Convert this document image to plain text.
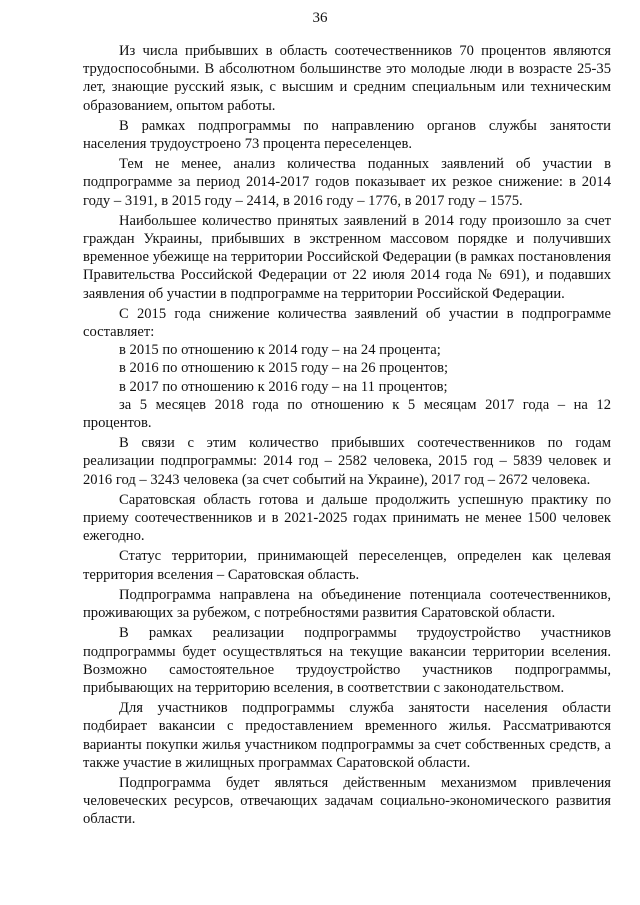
36

Из числа прибывших в область соотечественников 70 процентов являются трудоспособными. В абсолютном большинстве это молодые люди в возрасте 25-35 лет, знающие русский язык, с высшим и средним специальным или техническим образованием, опытом работы.

В рамках подпрограммы по направлению органов службы занятости населения трудоустроено 73 процента переселенцев.

Тем не менее, анализ количества поданных заявлений об участии в подпрограмме за период 2014-2017 годов показывает их резкое снижение: в 2014 году – 3191, в 2015 году – 2414, в 2016 году – 1776, в 2017 году – 1575.

Наибольшее количество принятых заявлений в 2014 году произошло за счет граждан Украины, прибывших в экстренном массовом порядке и получивших временное убежище на территории Российской Федерации (в рамках постановления Правительства Российской Федерации от 22 июля 2014 года № 691), и подавших заявления об участии в подпрограмме на территории Российской Федерации.

С 2015 года снижение количества заявлений об участии в подпрограмме составляет:

в 2015 по отношению к 2014 году – на 24 процента;

в 2016 по отношению к 2015 году – на 26 процентов;

в 2017 по отношению к 2016 году – на 11 процентов;

за 5 месяцев 2018 года по отношению к 5 месяцам 2017 года – на 12 процентов.

В связи с этим количество прибывших соотечественников по годам реализации подпрограммы: 2014 год – 2582 человека, 2015 год – 5839 человек и 2016 год – 3243 человека (за счет событий на Украине), 2017 год – 2672 человека.

Саратовская область готова и дальше продолжить успешную практику по приему соотечественников и в 2021-2025 годах принимать не менее 1500 человек ежегодно.

Статус территории, принимающей переселенцев, определен как целевая территория вселения – Саратовская область.

Подпрограмма направлена на объединение потенциала соотечественников, проживающих за рубежом, с потребностями развития Саратовской области.

В рамках реализации подпрограммы трудоустройство участников подпрограммы будет осуществляться на текущие вакансии территории вселения. Возможно самостоятельное трудоустройство участников подпрограммы, прибывающих на территорию вселения, в соответствии с законодательством.

Для участников подпрограммы служба занятости населения области подбирает вакансии с предоставлением временного жилья. Рассматриваются варианты покупки жилья участником подпрограммы за счет собственных средств, а также участие в жилищных программах Саратовской области.

Подпрограмма будет являться действенным механизмом привлечения человеческих ресурсов, отвечающих задачам социально-экономического развития области.
